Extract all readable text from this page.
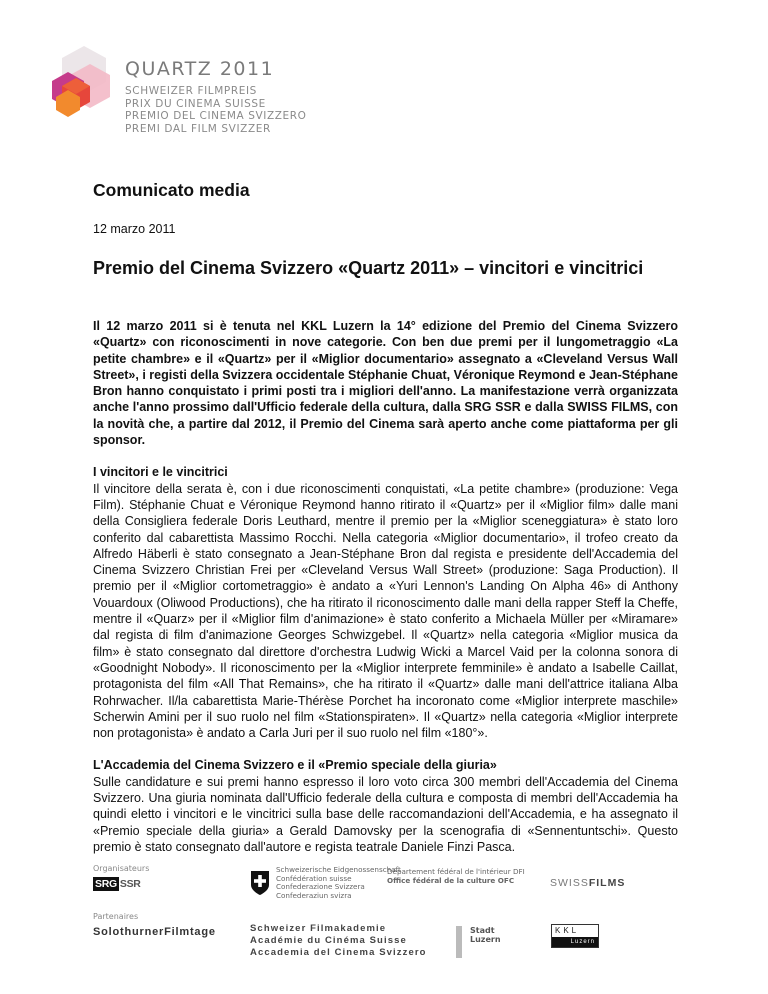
QUARTZ 2011
SCHWEIZER FILMPREIS
PRIX DU CINEMA SUISSE
PREMIO DEL CINEMA SVIZZERO
PREMI DAL FILM SVIZZER
Comunicato media
12 marzo 2011
Premio del Cinema Svizzero «Quartz 2011» – vincitori e vincitrici

Il 12 marzo 2011 si è tenuta nel KKL Luzern la 14° edizione del Premio del Cinema Svizzero «Quartz» con riconoscimenti in nove categorie. Con ben due premi per il lungometraggio «La petite chambre» e il «Quartz» per il «Miglior documentario» assegnato a «Cleveland Versus Wall Street», i registi della Svizzera occidentale Stéphanie Chuat, Véronique Reymond e Jean-Stéphane Bron hanno conquistato i primi posti tra i migliori dell'anno. La manifestazione verrà organizzata anche l'anno prossimo dall'Ufficio federale della cultura, dalla SRG SSR e dalla SWISS FILMS, con la novità che, a partire dal 2012, il Premio del Cinema sarà aperto anche come piattaforma per gli sponsor.

I vincitori e le vincitrici

Il vincitore della serata è, con i due riconoscimenti conquistati, «La petite chambre» (produzione: Vega Film). Stéphanie Chuat e Véronique Reymond hanno ritirato il «Quartz» per il «Miglior film» dalle mani della Consigliera federale Doris Leuthard, mentre il premio per la «Miglior sceneggiatura» è stato loro conferito dal cabarettista Massimo Rocchi. Nella categoria «Miglior documentario», il trofeo creato da Alfredo Häberli è stato consegnato a Jean-Stéphane Bron dal regista e presidente dell'Accademia del Cinema Svizzero Christian Frei per «Cleveland Versus Wall Street» (produzione: Saga Production). Il premio per il «Miglior cortometraggio» è andato a «Yuri Lennon's Landing On Alpha 46» di Anthony Vouardoux (Oliwood Productions), che ha ritirato il riconoscimento dalle mani della rapper Steff la Cheffe, mentre il «Quarz» per il «Miglior film d'animazione» è stato conferito a Michaela Müller per «Miramare» dal regista di film d'animazione Georges Schwizgebel. Il «Quartz» nella categoria «Miglior musica da film» è stato consegnato dal direttore d'orchestra Ludwig Wicki a Marcel Vaid per la colonna sonora di «Goodnight Nobody». Il riconoscimento per la «Miglior interprete femminile» è andato a Isabelle Caillat, protagonista del film «All That Remains», che ha ritirato il «Quartz» dalle mani dell'attrice italiana Alba Rohrwacher. Il/la cabarettista Marie-Thérèse Porchet ha incoronato come «Miglior interprete maschile» Scherwin Amini per il suo ruolo nel film «Stationspiraten». Il «Quartz» nella categoria «Miglior interprete non protagonista» è andato a Carla Juri per il suo ruolo nel film «180°».

L'Accademia del Cinema Svizzero e il «Premio speciale della giuria»

Sulle candidature e sui premi hanno espresso il loro voto circa 300 membri dell'Accademia del Cinema Svizzero. Una giuria nominata dall'Ufficio federale della cultura e composta di membri dell'Accademia ha quindi eletto i vincitori e le vincitrici sulla base delle raccomandazioni dell'Accademia, e ha assegnato il «Premio speciale della giuria» a Gerald Damovsky per la scenografia di «Sennentuntschi». Questo premio è stato consegnato dall'autore e regista teatrale Daniele Finzi Pasca.

Organisateurs
SRG SSR
Schweizerische Eidgenossenschaft
Confédération suisse
Confederazione Svizzera
Confederaziun svizra
Département fédéral de l'intérieur DFI
Office fédéral de la culture OFC	SWISSFILMS
Partenaires
SolothurnerFilmtage	Schweizer Filmakademie
Académie du Cinéma Suisse
Accademia del Cinema Svizzero
Stadt
Luzern
KKL
Luzern
